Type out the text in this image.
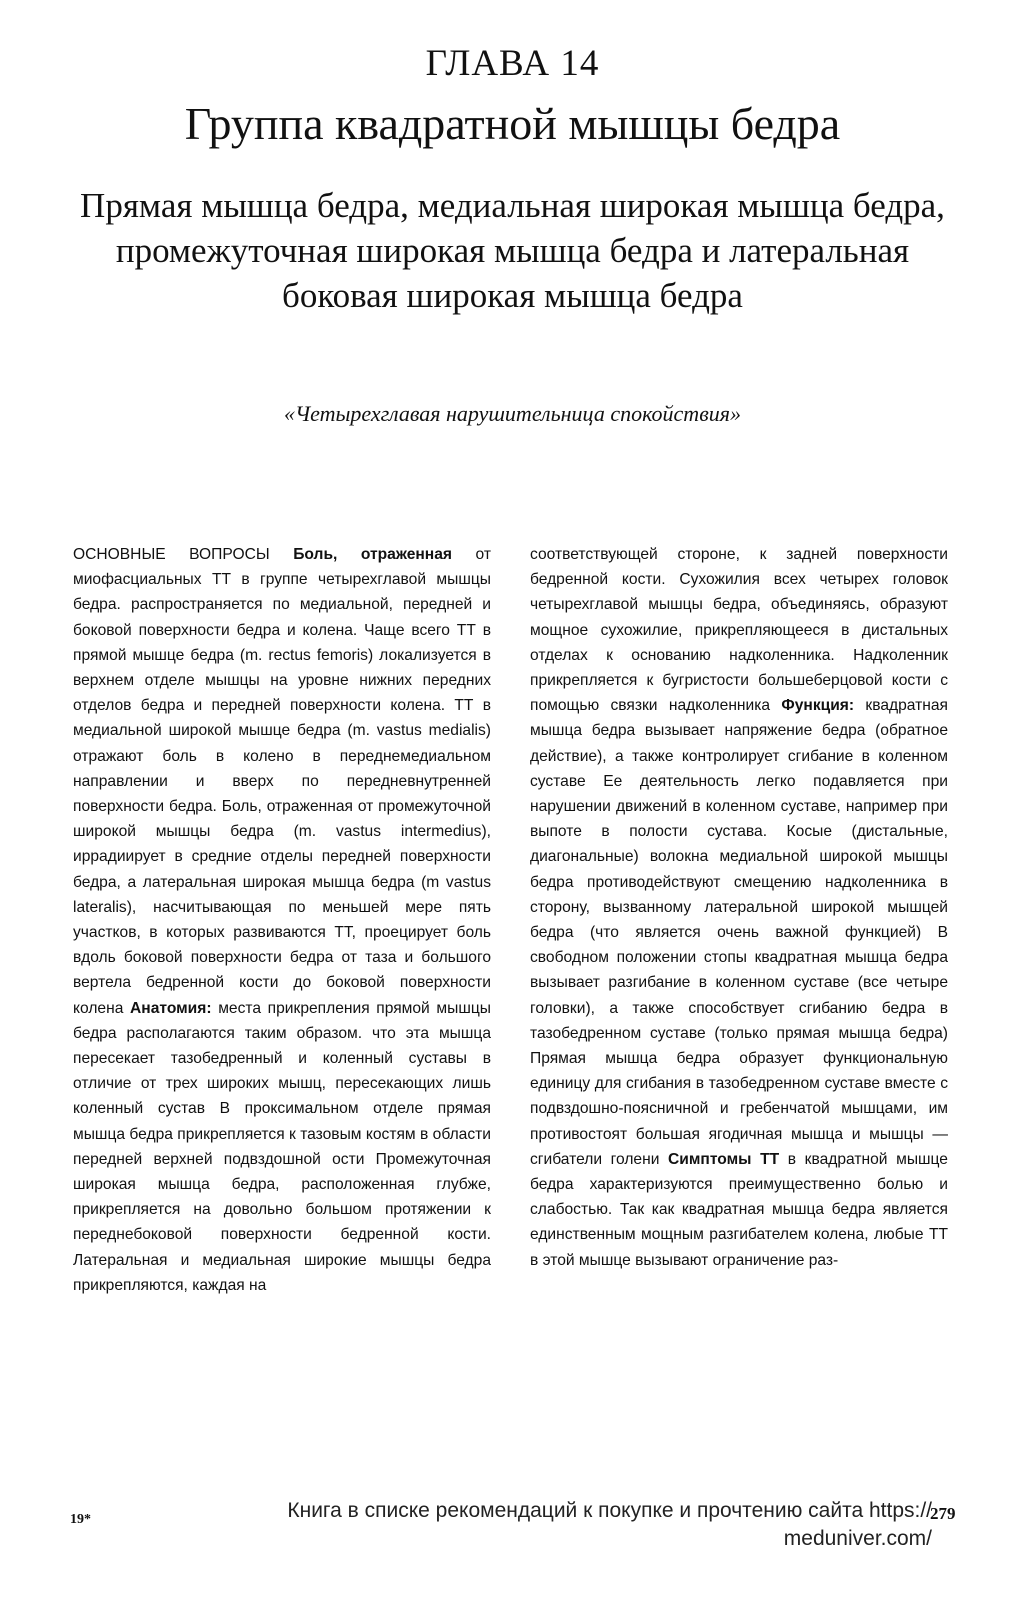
ГЛАВА 14
Группа квадратной мышцы бедра
Прямая мышца бедра, медиальная широкая мышца бедра, промежуточная широкая мышца бедра и латеральная боковая широкая мышца бедра
«Четырехглавая нарушительница спокойствия»
ОСНОВНЫЕ ВОПРОСЫ Боль, отраженная от миофасциальных ТТ в группе четырехглавой мышцы бедра. распространяется по медиальной, передней и боковой поверхности бедра и колена. Чаще всего ТТ в прямой мышце бедра (m. rectus femoris) локализуется в верхнем отделе мышцы на уровне нижних передних отделов бедра и передней поверхности колена. ТТ в медиальной широкой мышце бедра (m. vastus medialis) отражают боль в колено в переднемедиальном направлении и вверх по передневнутренней поверхности бедра. Боль, отраженная от промежуточной широкой мышцы бедра (m. vastus intermedius), иррадиирует в средние отделы передней поверхности бедра, а латеральная широкая мышца бедра (m vastus lateralis), насчитывающая по меньшей мере пять участков, в которых развиваются ТТ, проецирует боль вдоль боковой поверхности бедра от таза и большого вертела бедренной кости до боковой поверхности колена Анатомия: места прикрепления прямой мышцы бедра располагаются таким образом. что эта мышца пересекает тазобедренный и коленный суставы в отличие от трех широких мышц, пересекающих лишь коленный сустав В проксимальном отделе прямая мышца бедра прикрепляется к тазовым костям в области передней верхней подвздошной ости Промежуточная широкая мышца бедра, расположенная глубже, прикрепляется на довольно большом протяжении к переднебоковой поверхности бедренной кости. Латеральная и медиальная широкие мышцы бедра прикрепляются, каждая на
соответствующей стороне, к задней поверхности бедренной кости. Сухожилия всех четырех головок четырехглавой мышцы бедра, объединяясь, образуют мощное сухожилие, прикрепляющееся в дистальных отделах к основанию надколенника. Надколенник прикрепляется к бугристости большеберцовой кости с помощью связки надколенника Функция: квадратная мышца бедра вызывает напряжение бедра (обратное действие), а также контролирует сгибание в коленном суставе Ее деятельность легко подавляется при нарушении движений в коленном суставе, например при выпоте в полости сустава. Косые (дистальные, диагональные) волокна медиальной широкой мышцы бедра противодействуют смещению надколенника в сторону, вызванному латеральной широкой мышцей бедра (что является очень важной функцией) В свободном положении стопы квадратная мышца бедра вызывает разгибание в коленном суставе (все четыре головки), а также способствует сгибанию бедра в тазобедренном суставе (только прямая мышца бедра) Прямая мышца бедра образует функциональную единицу для сгибания в тазобедренном суставе вместе с подвздошно-поясничной и гребенчатой мышцами, им противостоят большая ягодичная мышца и мышцы — сгибатели голени Симптомы ТТ в квадратной мышце бедра характеризуются преимущественно болью и слабостью. Так как квадратная мышца бедра является единственным мощным разгибателем колена, любые ТТ в этой мышце вызывают ограничение раз-
19*	279
Книга в списке рекомендаций к покупке и прочтению сайта https://
meduniver.com/
